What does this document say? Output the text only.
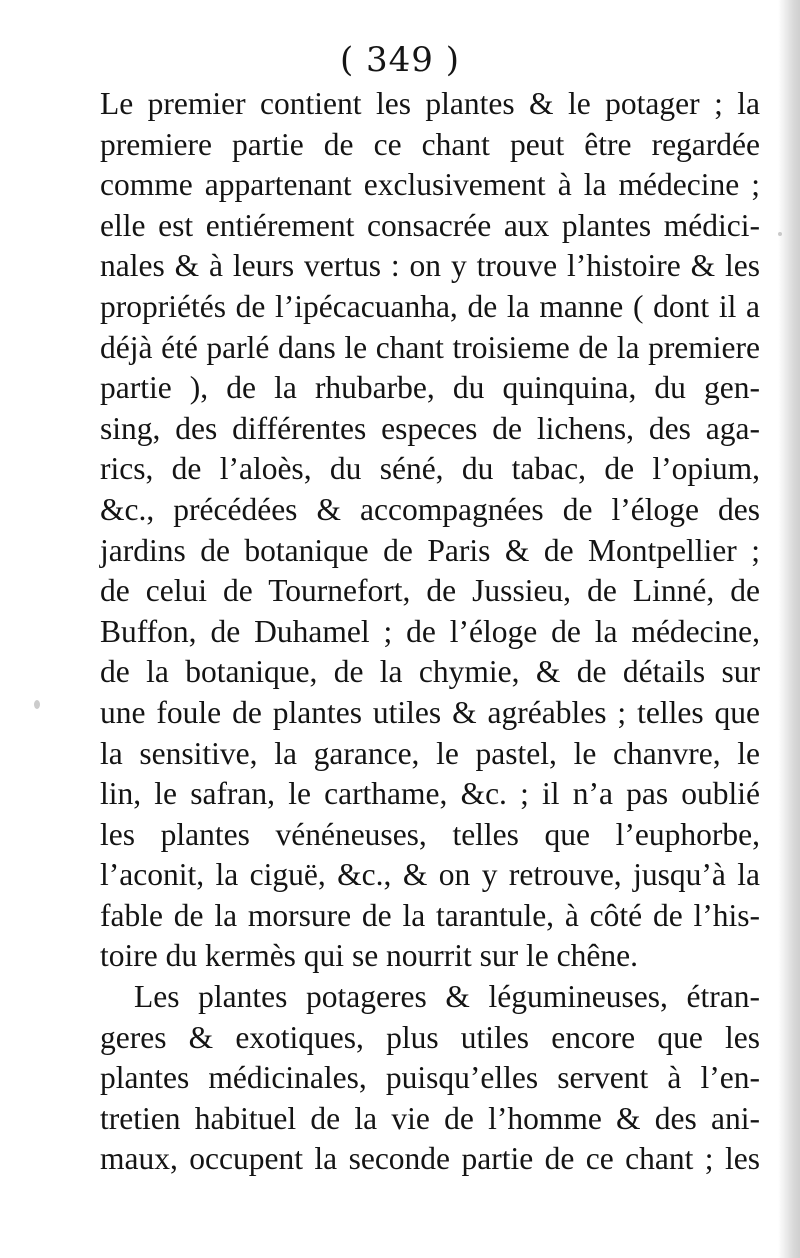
( 349 )

Le premier contient les plantes & le potager ; la
premiere partie de ce chant peut être regardée
comme appartenant exclusivement à la médecine ;
elle est entiérement consacrée aux plantes médici-
nales & à leurs vertus : on y trouve l’histoire & les
propriétés de l’ipécacuanha, de la manne ( dont il a
déjà été parlé dans le chant troisieme de la premiere
partie ), de la rhubarbe, du quinquina, du gen-
sing, des différentes especes de lichens, des aga-
rics, de l’aloès, du séné, du tabac, de l’opium,
&c., précédées & accompagnées de l’éloge des
jardins de botanique de Paris & de Montpellier ;
de celui de Tournefort, de Jussieu, de Linné, de
Buffon, de Duhamel ; de l’éloge de la médecine,
de la botanique, de la chymie, & de détails sur
une foule de plantes utiles & agréables ; telles que
la sensitive, la garance, le pastel, le chanvre, le
lin, le safran, le carthame, &c. ; il n’a pas oublié
les plantes vénéneuses, telles que l’euphorbe,
l’aconit, la ciguë, &c., & on y retrouve, jusqu’à la
fable de la morsure de la tarantule, à côté de l’his-
toire du kermès qui se nourrit sur le chêne.

Les plantes potageres & légumineuses, étran-
geres & exotiques, plus utiles encore que les
plantes médicinales, puisqu’elles servent à l’en-
tretien habituel de la vie de l’homme & des ani-
maux, occupent la seconde partie de ce chant ; les
